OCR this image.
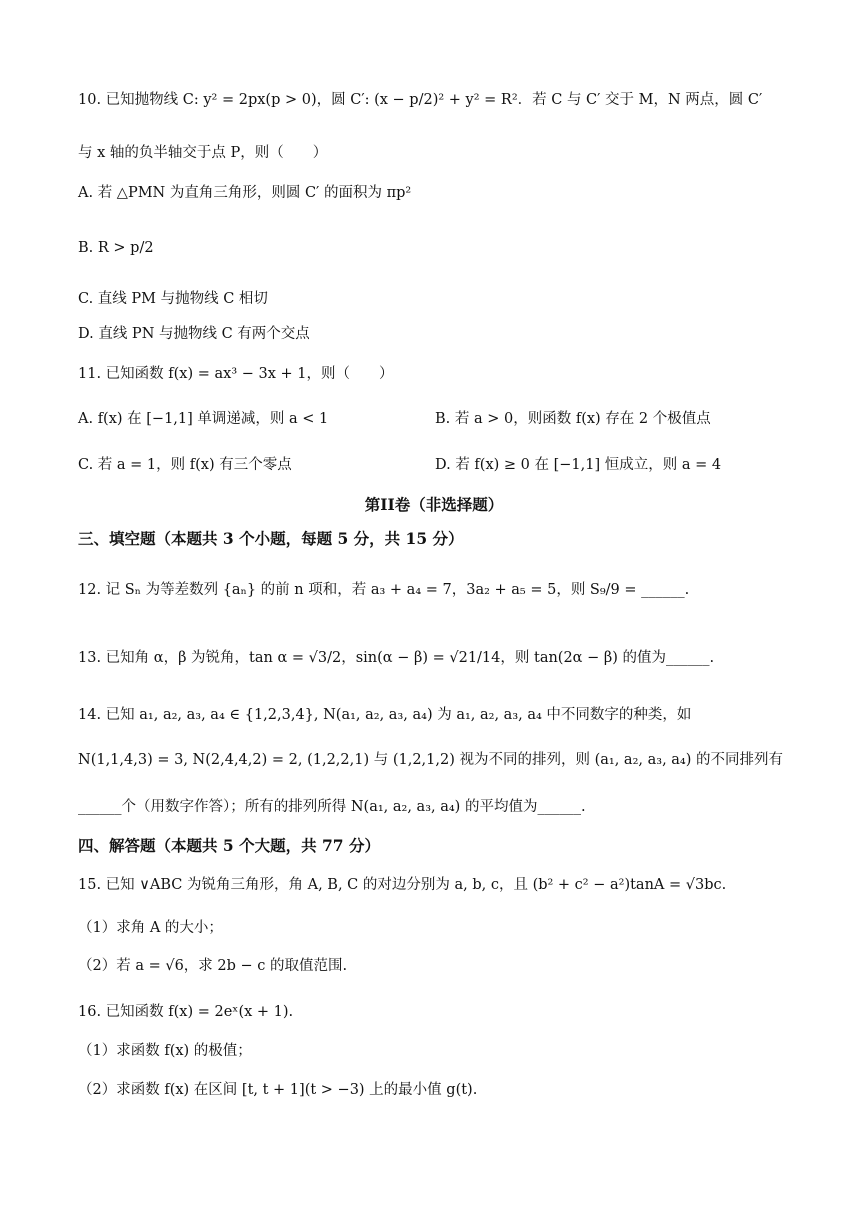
10. 已知抛物线 C: y² = 2px(p > 0)，圆 C′: (x − p/2)² + y² = R²．若 C 与 C′ 交于 M，N 两点，圆 C′
与 x 轴的负半轴交于点 P，则（　　）
A. 若 △PMN 为直角三角形，则圆 C′ 的面积为 πp²
B. R > p/2
C. 直线 PM 与抛物线 C 相切
D. 直线 PN 与抛物线 C 有两个交点
11. 已知函数 f(x) = ax³ − 3x + 1，则（　　）
A. f(x) 在 [−1,1] 单调递减，则 a < 1	B. 若 a > 0，则函数 f(x) 存在 2 个极值点
C. 若 a = 1，则 f(x) 有三个零点	D. 若 f(x) ≥ 0 在 [−1,1] 恒成立，则 a = 4
第II卷（非选择题）
三、填空题（本题共 3 个小题，每题 5 分，共 15 分）
12. 记 Sₙ 为等差数列 {aₙ} 的前 n 项和，若 a₃ + a₄ = 7，3a₂ + a₅ = 5，则 S₉/9 = ______.
13. 已知角 α，β 为锐角，tan α = √3/2，sin(α − β) = √21/14，则 tan(2α − β) 的值为______.
14. 已知 a₁, a₂, a₃, a₄ ∈ {1,2,3,4}, N(a₁, a₂, a₃, a₄) 为 a₁, a₂, a₃, a₄ 中不同数字的种类，如
N(1,1,4,3) = 3, N(2,4,4,2) = 2, (1,2,2,1) 与 (1,2,1,2) 视为不同的排列，则 (a₁, a₂, a₃, a₄) 的不同排列有
______个（用数字作答）；所有的排列所得 N(a₁, a₂, a₃, a₄) 的平均值为______.
四、解答题（本题共 5 个大题，共 77 分）
15. 已知 ∨ABC 为锐角三角形，角 A, B, C 的对边分别为 a, b, c，且 (b² + c² − a²)tanA = √3bc.
（1）求角 A 的大小；
（2）若 a = √6，求 2b − c 的取值范围.
16. 已知函数 f(x) = 2eˣ(x + 1).
（1）求函数 f(x) 的极值；
（2）求函数 f(x) 在区间 [t, t + 1](t > −3) 上的最小值 g(t).
